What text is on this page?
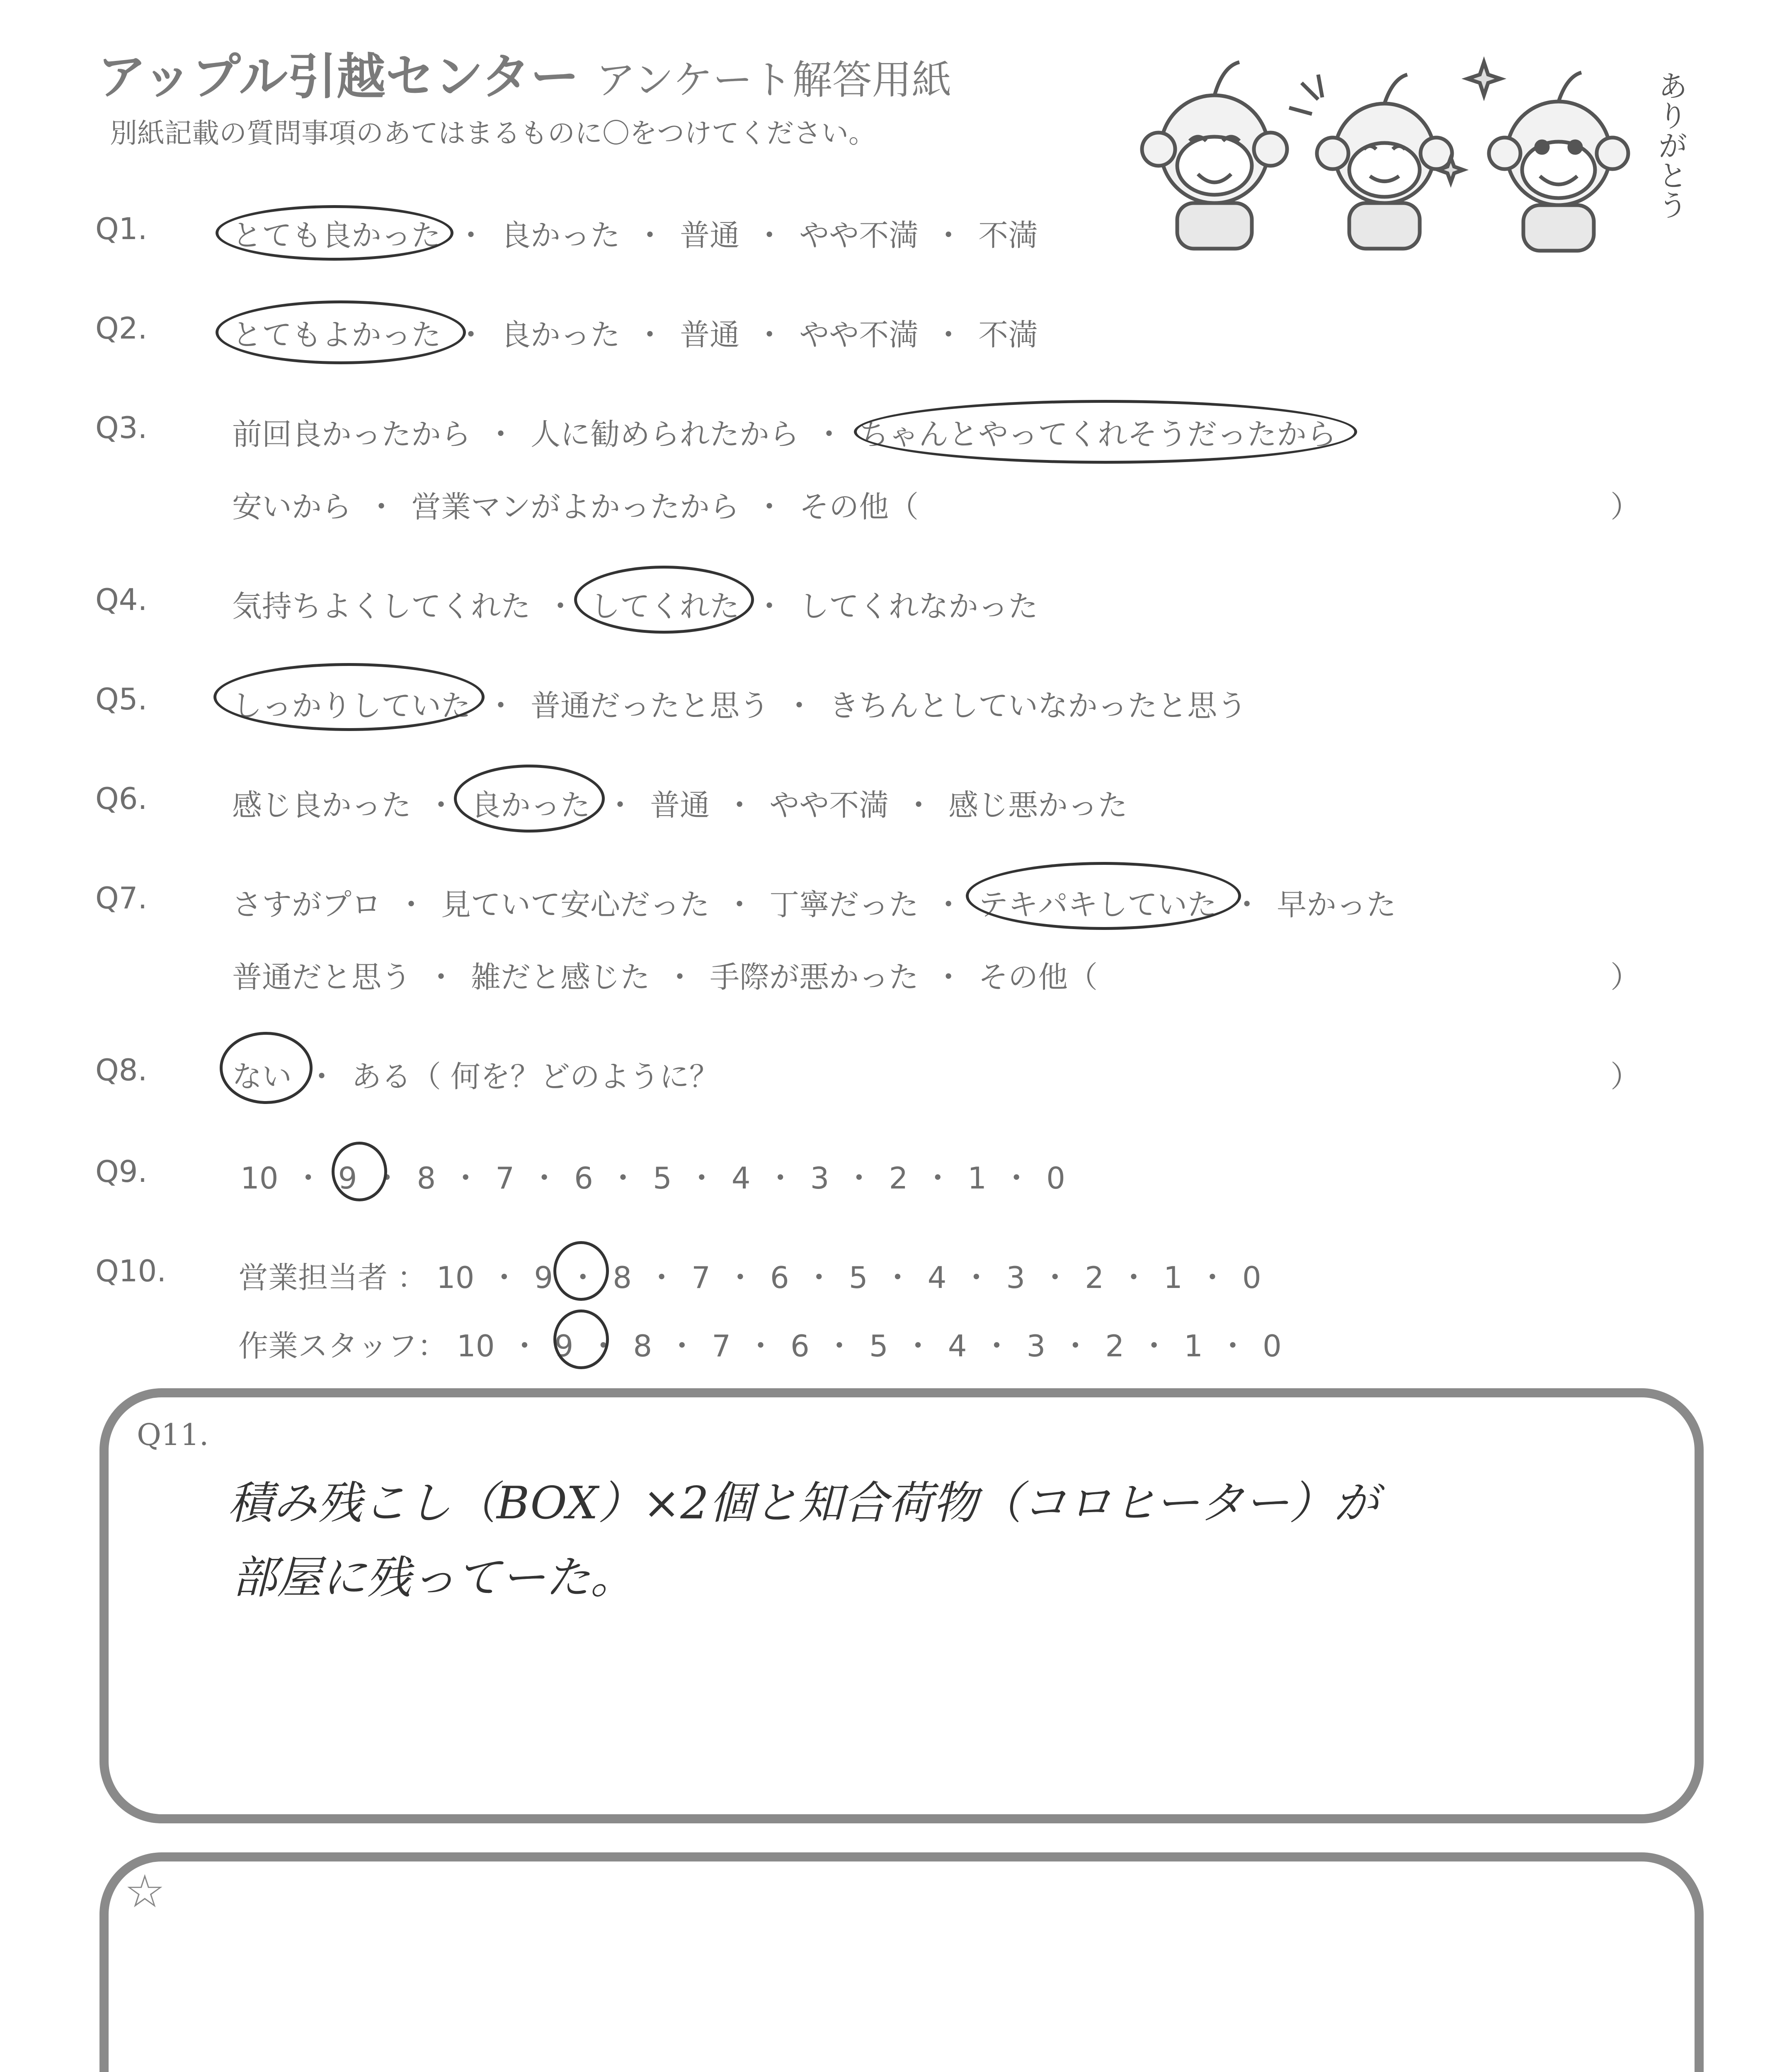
アップル引越センター アンケート解答用紙
別紙記載の質問事項のあてはまるものに〇をつけてください。	ありがとう
Q1.	とても良かった ・ 良かった ・ 普通 ・ やや不満 ・ 不満
Q2.	とてもよかった ・ 良かった ・ 普通 ・ やや不満 ・ 不満
Q3.	前回良かったから ・ 人に勧められたから ・ ちゃんとやってくれそうだったから
安いから ・ 営業マンがよかったから ・ その他（	）
Q4.	気持ちよくしてくれた ・ してくれた ・ してくれなかった
Q5.	しっかりしていた ・ 普通だったと思う ・ きちんとしていなかったと思う
Q6.	感じ良かった ・ 良かった ・ 普通 ・ やや不満 ・ 感じ悪かった
Q7.	さすがプロ ・ 見ていて安心だった ・ 丁寧だった ・ テキパキしていた ・ 早かった
普通だと思う ・ 雑だと感じた ・ 手際が悪かった ・ その他（	）
Q8.	ない ・ ある（ 何を？どのように？	）
Q9.	10 ・ 9 ・ 8 ・ 7 ・ 6 ・ 5 ・ 4 ・ 3 ・ 2 ・ 1 ・ 0
Q10. 営業担当者 ： 10 ・ 9 ・ 8 ・ 7 ・ 6 ・ 5 ・ 4 ・ 3 ・ 2 ・ 1 ・ 0
作業スタッフ： 10 ・ 9 ・ 8 ・ 7 ・ 6 ・ 5 ・ 4 ・ 3 ・ 2 ・ 1 ・ 0
Q11.
積み残こし（BOX）×2個と知合荷物（コロヒーター）が
部屋に残ってーた。
☆
